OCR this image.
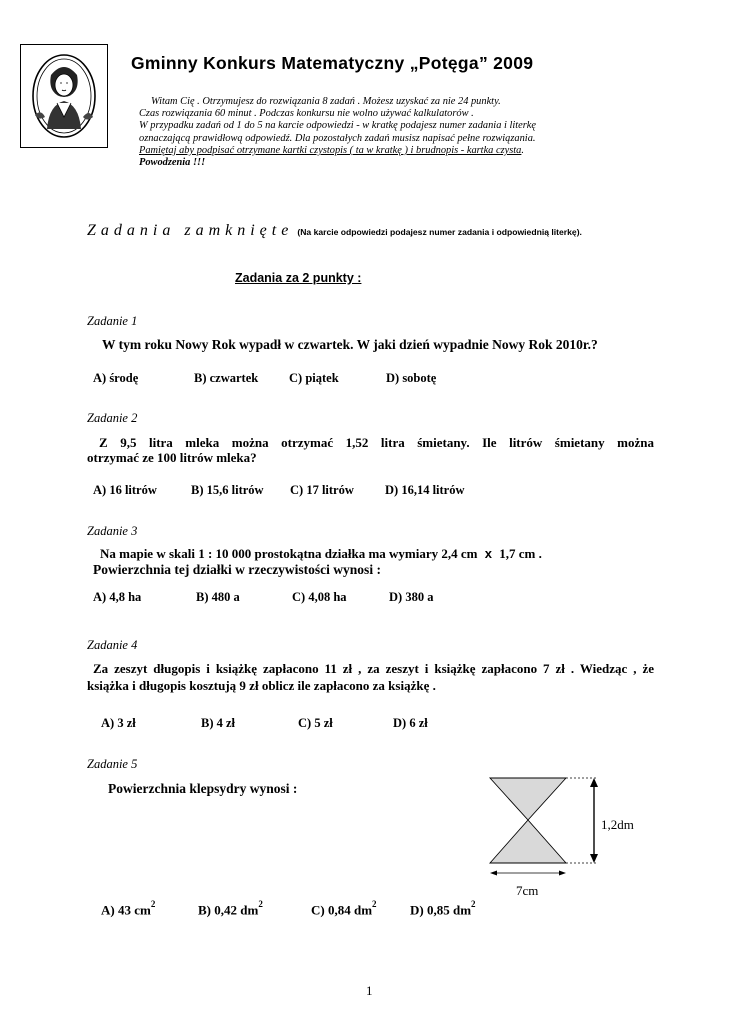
Gminny Konkurs Matematyczny „Potęga” 2009
Witam Cię . Otrzymujesz do rozwiązania 8 zadań . Możesz uzyskać za nie 24 punkty.
Czas rozwiązania 60 minut . Podczas konkursu nie wolno używać kalkulatorów .
W przypadku zadań od 1 do 5 na karcie odpowiedzi - w kratkę podajesz numer zadania i literkę
oznaczającą prawidłową odpowiedź. Dla pozostałych zadań musisz napisać pełne rozwiązania.
Pamiętaj aby podpisać otrzymane kartki czystopis ( ta w kratkę ) i brudnopis - kartka czysta.
Powodzenia !!!
Zadania zamknięte (Na karcie odpowiedzi podajesz numer zadania i odpowiednią literkę).
Zadania za 2 punkty :
Zadanie 1
W tym roku Nowy Rok wypadł w czwartek. W jaki dzień wypadnie Nowy Rok 2010r.?
A) środę	B) czwartek C) piątek	D) sobotę
Zadanie 2
Z 9,5 litra mleka można otrzymać 1,52 litra śmietany. Ile litrów śmietany można
otrzymać ze 100 litrów mleka?
A) 16 litrów	B) 15,6 litrów C) 17 litrów D) 16,14 litrów
Zadanie 3
Na mapie w skali 1 : 10 000 prostokątna działka ma wymiary 2,4 cm x 1,7 cm .
Powierzchnia tej działki w rzeczywistości wynosi :
A) 4,8 ha	B) 480 a	C) 4,08 ha	D) 380 a
Zadanie 4
Za zeszyt długopis i książkę zapłacono 11 zł , za zeszyt i książkę zapłacono 7 zł . Wiedząc , że
książka i długopis kosztują 9 zł oblicz ile zapłacono za książkę .
A) 3 zł	B) 4 zł	C) 5 zł	D) 6 zł
Zadanie 5
Powierzchnia klepsydry wynosi :
1,2dm
7cm
A) 43 $cm^2$	B) 0,42 $dm^2$	C) 0,84 $dm^2$	D) 0,85 $dm^2$
1
